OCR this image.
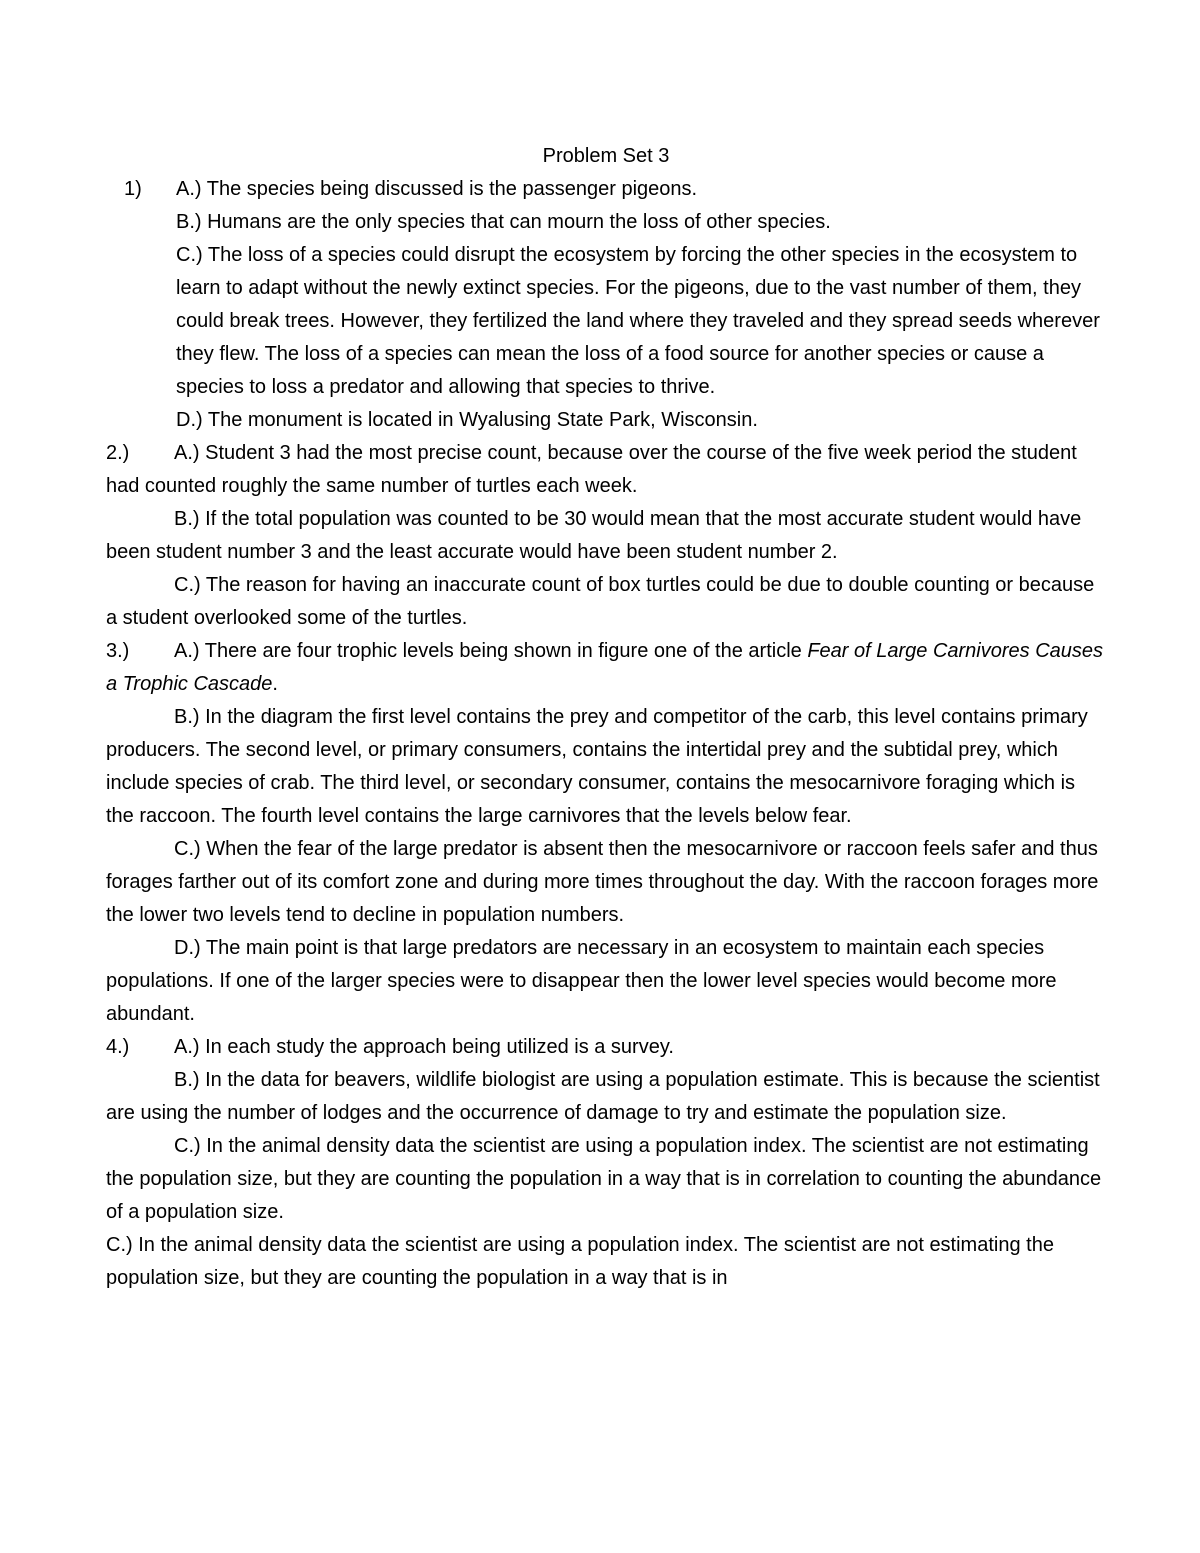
Problem Set 3

1) A.) The species being discussed is the passenger pigeons.

B.) Humans are the only species that can mourn the loss of other species.

C.) The loss of a species could disrupt the ecosystem by forcing the other species in the ecosystem to learn to adapt without the newly extinct species. For the pigeons, due to the vast number of them, they could break trees. However, they fertilized the land where they traveled and they spread seeds wherever they flew. The loss of a species can mean the loss of a food source for another species or cause a species to loss a predator and allowing that species to thrive.

D.) The monument is located in Wyalusing State Park, Wisconsin.

2.) A.) Student 3 had the most precise count, because over the course of the five week period the student had counted roughly the same number of turtles each week.

B.) If the total population was counted to be 30 would mean that the most accurate student would have been student number 3 and the least accurate would have been student number 2.

C.) The reason for having an inaccurate count of box turtles could be due to double counting or because a student overlooked some of the turtles.

3.) A.) There are four trophic levels being shown in figure one of the article Fear of Large Carnivores Causes a Trophic Cascade.

B.) In the diagram the first level contains the prey and competitor of the carb, this level contains primary producers. The second level, or primary consumers, contains the intertidal prey and the subtidal prey, which include species of crab. The third level, or secondary consumer, contains the mesocarnivore foraging which is the raccoon. The fourth level contains the large carnivores that the levels below fear.

C.) When the fear of the large predator is absent then the mesocarnivore or raccoon feels safer and thus forages farther out of its comfort zone and during more times throughout the day. With the raccoon forages more the lower two levels tend to decline in population numbers.

D.) The main point is that large predators are necessary in an ecosystem to maintain each species populations. If one of the larger species were to disappear then the lower level species would become more abundant.

4.) A.) In each study the approach being utilized is a survey.

B.) In the data for beavers, wildlife biologist are using a population estimate. This is because the scientist are using the number of lodges and the occurrence of damage to try and estimate the population size.

C.) In the animal density data the scientist are using a population index. The scientist are not estimating the population size, but they are counting the population in a way that is in correlation to counting the abundance of a population size.

C.) In the animal density data the scientist are using a population index. The scientist are not estimating the population size, but they are counting the population in a way that is in
